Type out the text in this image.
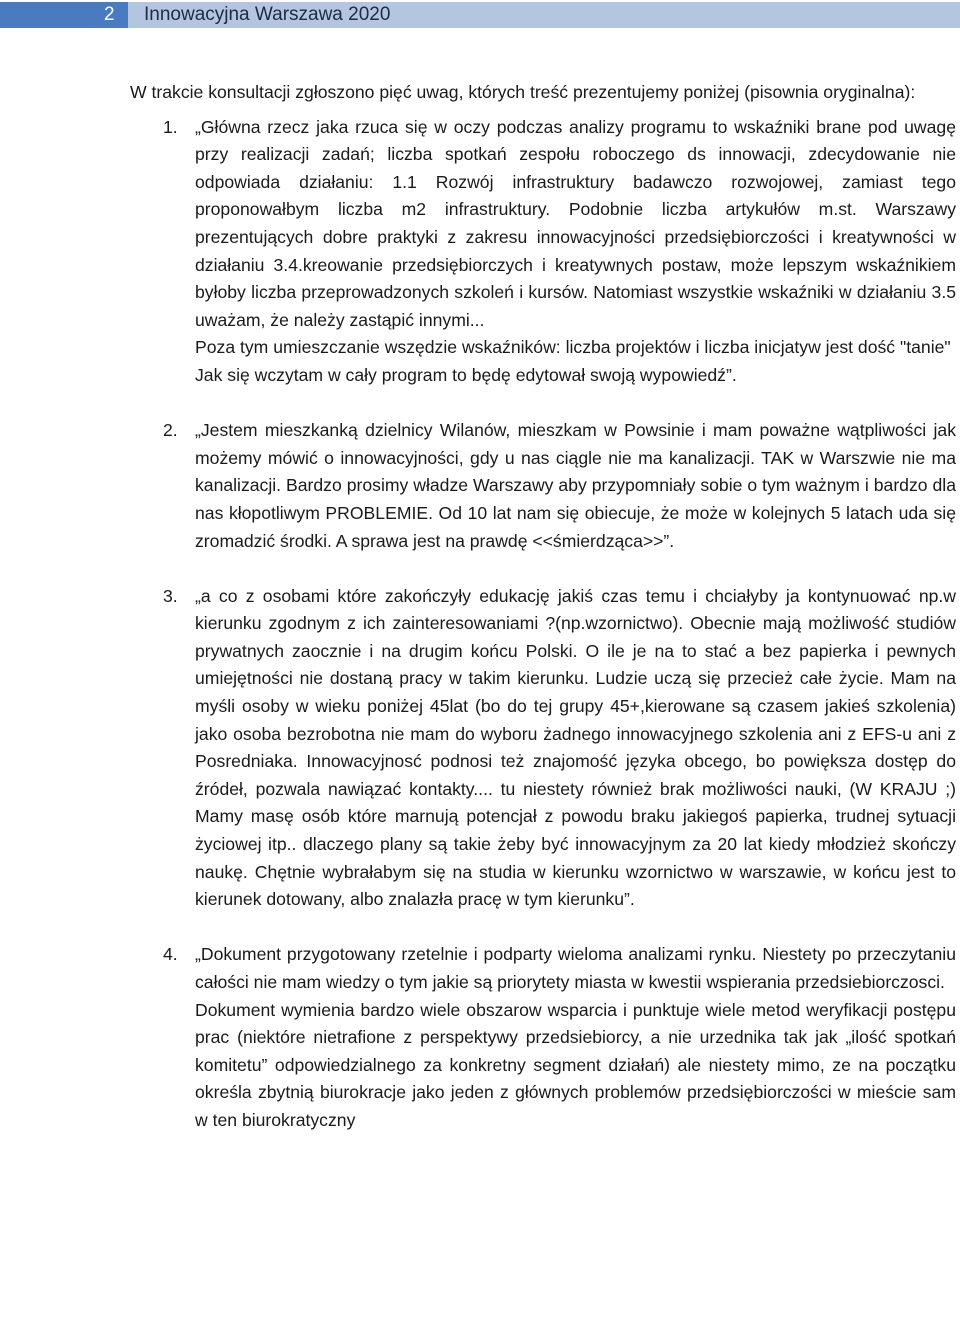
2	Innowacyjna Warszawa 2020

W trakcie konsultacji zgłoszono pięć uwag, których treść prezentujemy poniżej (pisownia oryginalna):

1. „Główna rzecz jaka rzuca się w oczy podczas analizy programu to wskaźniki brane pod uwagę przy realizacji zadań; liczba spotkań zespołu roboczego ds innowacji, zdecydowanie nie odpowiada działaniu: 1.1 Rozwój infrastruktury badawczo rozwojowej, zamiast tego proponowałbym liczba m2 infrastruktury. Podobnie liczba artykułów m.st. Warszawy prezentujących dobre praktyki z zakresu innowacyjności przedsiębiorczości i kreatywności w działaniu 3.4.kreowanie przedsiębiorczych i kreatywnych postaw, może lepszym wskaźnikiem byłoby liczba przeprowadzonych szkoleń i kursów. Natomiast wszystkie wskaźniki w działaniu 3.5 uważam, że należy zastąpić innymi...

Poza tym umieszczanie wszędzie wskaźników: liczba projektów i liczba inicjatyw jest dość "tanie"

Jak się wczytam w cały program to będę edytował swoją wypowiedź”.

2. „Jestem mieszkanką dzielnicy Wilanów, mieszkam w Powsinie i mam poważne wątpliwości jak możemy mówić o innowacyjności, gdy u nas ciągle nie ma kanalizacji. TAK w Warszwie nie ma kanalizacji. Bardzo prosimy władze Warszawy aby przypomniały sobie o tym ważnym i bardzo dla nas kłopotliwym PROBLEMIE. Od 10 lat nam się obiecuje, że może w kolejnych 5 latach uda się zromadzić środki. A sprawa jest na prawdę <<śmierdząca>>”.

3. „a co z osobami które zakończyły edukację jakiś czas temu i chciałyby ja kontynuować np.w kierunku zgodnym z ich zainteresowaniami ?(np.wzornictwo). Obecnie mają możliwość studiów prywatnych zaocznie i na drugim końcu Polski. O ile je na to stać a bez papierka i pewnych umiejętności nie dostaną pracy w takim kierunku. Ludzie uczą się przecież całe życie. Mam na myśli osoby w wieku poniżej 45lat (bo do tej grupy 45+,kierowane są czasem jakieś szkolenia) jako osoba bezrobotna nie mam do wyboru żadnego innowacyjnego szkolenia ani z EFS-u ani z Posredniaka. Innowacyjnosć podnosi też znajomość języka obcego, bo powiększa dostęp do źródeł, pozwala nawiązać kontakty.... tu niestety również brak możliwości nauki, (W KRAJU ;) Mamy masę osób które marnują potencjał z powodu braku jakiegoś papierka, trudnej sytuacji życiowej itp.. dlaczego plany są takie żeby być innowacyjnym za 20 lat kiedy młodzież skończy naukę. Chętnie wybrałabym się na studia w kierunku wzornictwo w warszawie, w końcu jest to kierunek dotowany, albo znalazła pracę w tym kierunku”.

4. „Dokument przygotowany rzetelnie i podparty wieloma analizami rynku. Niestety po przeczytaniu całości nie mam wiedzy o tym jakie są priorytety miasta w kwestii wspierania przedsiebiorczosci.

Dokument wymienia bardzo wiele obszarow wsparcia i punktuje wiele metod weryfikacji postępu prac (niektóre nietrafione z perspektywy przedsiebiorcy, a nie urzednika tak jak „ilość spotkań komitetu” odpowiedzialnego za konkretny segment działań) ale niestety mimo, ze na początku określa zbytnią biurokracje jako jeden z głównych problemów przedsiębiorczości w mieście sam w ten biurokratyczny
